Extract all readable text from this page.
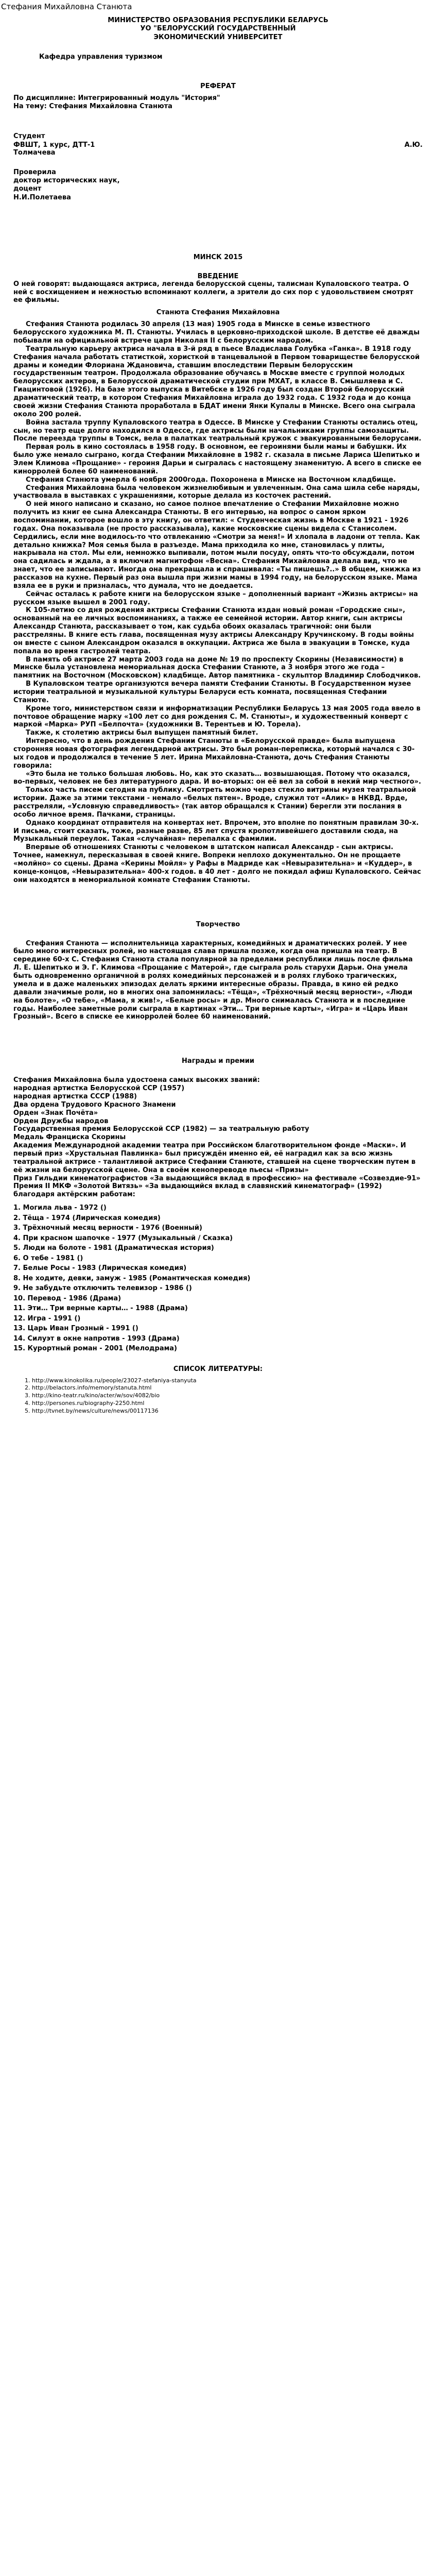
Стефания Михайловна Станюта
МИНИСТЕРСТВО ОБРАЗОВАНИЯ РЕСПУБЛИКИ БЕЛАРУСЬ
УО "БЕЛОРУССКИЙ ГОСУДАРСТВЕННЫЙ
ЭКОНОМИЧЕСКИЙ УНИВЕРСИТЕТ
Кафедра управления туризмом
РЕФЕРАТ
По дисциплине: Интегрированный модуль "История"
На тему: Стефания Михайловна Станюта
Студент
ФВШТ, 1 курс, ДТТ-1	А.Ю.
Толмачева
Проверила
доктор исторических наук,
доцент
Н.И.Полетаева
МИНСК 2015
ВВЕДЕНИЕ
О ней говорят: выдающаяся актриса, легенда белорусской сцены, талисман Купаловского театра. О ней с восхищением и нежностью вспоминают коллеги, а зрители до сих пор с удовольствием смотрят ее фильмы.
Станюта Стефания Михайловна

Стефания Станюта родилась 30 апреля (13 мая) 1905 года в Минске в семье известного белорусского художника М. П. Станюты. Училась в церковно-приходской школе. В детстве её дважды побывали на официальной встрече царя Николая II с белорусским народом.

Театральную карьеру актриса начала в 3-й ряд в пьесе Владислава Голубка «Ганка». В 1918 году Стефания начала работать статисткой, хористкой в танцевальной в Первом товариществе белорусской драмы и комедии Флориана Ждановича, ставшим впоследствии Первым белорусским государственным театром. Продолжала образование обучаясь в Москве вместе с группой молодых белорусских актеров, в Белорусской драматической студии при МХАТ, в классе В. Смышляева и С. Гиацинтовой (1926). На базе этого выпуска в Витебске в 1926 году был создан Второй белорусский драматический театр, в котором Стефания Михайловна играла до 1932 года. С 1932 года и до конца своей жизни Стефания Станюта проработала в БДАТ имени Янки Купалы в Минске. Всего она сыграла около 200 ролей.

Война застала труппу Купаловского театра в Одессе. В Минске у Стефании Станюты остались отец, сын, но театр еще долго находился в Одессе, где актрисы были начальниками группы самозащиты. После переезда труппы в Томск, вела в палатках театральный кружок с эвакуированными белорусами.

Первая роль в кино состоялась в 1958 году. В основном, ее героинями были мамы и бабушки. Их было уже немало сыграно, когда Стефании Михайловне в 1982 г. сказала в письме Лариса Шепитько и Элем Климова «Прощание» - героиня Дарьи и сыгралась с настоящему знаменитую. А всего в списке ее кинорролей более 60 наименований.

Стефания Станюта умерла 6 ноября 2000года. Похоронена в Минске на Восточном кладбище.

Стефания Михайловна была человеком жизнелюбивым и увлеченным. Она сама шила себе наряды, участвовала в выставках с украшениями, которые делала из косточек растений.

О ней много написано и сказано, но самое полное впечатление о Стефании Михайловне можно получить из книг ее сына Александра Станюты. В его интервью, на вопрос о самом ярком воспоминании, которое вошло в эту книгу, он ответил: « Студенческая жизнь в Москве в 1921 - 1926 годах. Она показывала (не просто рассказывала), какие московские сцены видела с Станисолем. Сердились, если мне водилось-то что отвлеканию «Смотри за меня!» И хлопала в ладони от тепла. Как детально книжка? Моя семья была в разъезде. Мама приходила ко мне, становилась у плиты, накрывала на стол. Мы ели, немножко выпивали, потом мыли посуду, опять что-то обсуждали, потом она садилась и ждала, а я включил магнитофон «Весна». Стефания Михайловна делала вид, что не знает, что ее записывают. Иногда она прекращала и спрашивала: «Ты пишешь?..» В общем, книжка из рассказов на кухне. Первый раз она вышла при жизни мамы в 1994 году, на белорусском языке. Мама взяла ее в руки и призналась, что думала, что не доедается.

Сейчас осталась к работе книги на белорусском языке – дополненный вариант «Жизнь актрисы» на русском языке вышел в 2001 году.

К 105-летию со дня рождения актрисы Стефании Станюта издан новый роман «Городские сны», основанный на ее личных воспоминаниях, а также ее семейной истории. Автор книги, сын актрисы Александр Станюта, рассказывает о том, как судьба обоих оказалась трагичной: они были расстреляны. В книге есть глава, посвященная музу актрисы Александру Кручинскому. В годы войны он вместе с сыном Александром оказался в оккупации. Актриса же была в эвакуации в Томске, куда попала во время гастролей театра.

В память об актрисе 27 марта 2003 года на доме № 19 по проспекту Скорины (Независимости) в Минске была установлена мемориальная доска Стефании Станюте, а 3 ноября этого же года – памятник на Восточном (Московском) кладбище. Автор памятника - скульптор Владимир Слободчиков.

В Купаловском театре организуются вечера памяти Стефании Станюты. В Государственном музее истории театральной и музыкальной культуры Беларуси есть комната, посвященная Стефании Станюте.

Кроме того, министерством связи и информатизации Республики Беларусь 13 мая 2005 года ввело в почтовое обращение марку «100 лет со дня рождения С. М. Станюты», и художественный конверт с маркой «Марка» РУП «Белпочта» (художники В. Терентьев и Ю. Торела).

Также, к столетию актрисы был выпущен памятный билет.

Интересно, что в день рождения Стефании Станюты в «Белорусской правде» была выпущена сторонняя новая фотография легендарной актрисы. Это был роман-переписка, который начался с 30-ых годов и продолжался в течение 5 лет. Ирина Михайловна-Станюта, дочь Стефания Станюты говорила:

«Это была не только большая любовь. Но, как это сказать… возвышающая. Потому что оказался, во-первых, человек не без литературного дара. И во-вторых: он её вел за собой в некий мир честного».

Только часть писем сегодня на публику. Смотреть можно через стекло витрины музея театральной истории. Даже за этими текстами - немало «белых пятен». Вроде, служил тот «Алик» в НКВД. Врде, расстреляли, «Условную справедливость» (так автор обращался к Стании) берегли эти послания в особо личное время. Пачками, страницы.

Однако координат отправителя на конвертах нет. Впрочем, это вполне по понятным правилам 30-х. И письма, стоит сказать, тоже, разные разве, 85 лет спустя кропотливейшего доставили сюда, на Музыкальный переулок. Такая «случайная» перепалка с фамилии.

Впервые об отношениях Станюты с человеком в штатском написал Александр - сын актрисы. Точнее, намекнул, пересказывая в своей книге. Вопреки неплохо документально. Он не прощаете «молйно» со сцены. Драма «Керины Мойля» у Рафы в Мадриде как «Невыразительна» и «Куддер», в конце-концов, «Невыразительна» 400-х годов. в 40 лет - долго не покидал афиш Купаловского. Сейчас они находятся в мемориальной комнате Стефании Станюты.

Творчество

Стефания Станюта — исполнительница характерных, комедийных и драматических ролей. У нее было много интересных ролей, но настоящая слава пришла позже, когда она пришла на театр. В середине 60-х С. Стефания Станюта стала популярной за пределами республики лишь после фильма Л. Е. Шепитько и Э. Г. Климова «Прощание с Матерой», где сыграла роль старухи Дарьи. Она умела быть одновременно органичной в ролях комедийных персонажей и в ролях глубоко трагических, умела и в даже маленьких эпизодах делать яркими интересные образы. Правда, в кино ей редко давали значимые роли, но в многих она запомнилась: «Тёща», «Трёхночный месяц верности», «Люди на болоте», «О тебе», «Мама, я жив!», «Белые росы» и др. Много снималась Станюта и в последние годы. Наиболее заметные роли сыграла в картинах «Эти… Три верные карты», «Игра» и «Царь Иван Грозный». Всего в списке ее кинорролей более 60 наименований.

Награды и премии
Стефания Михайловна была удостоена самых высоких званий:
народная артистка Белорусской ССР (1957)
народная артистка СССР (1988)
Два ордена Трудового Красного Знамени
Орден «Знак Почёта»
Орден Дружбы народов
Государственная премия Белорусской ССР (1982) — за театральную работу
Медаль Франциска Скорины
Академия Международной академии театра при Российском благотворительном фонде «Маски». И первый приз «Хрустальная Павлинка» был присуждён именно ей, её наградил как за всю жизнь театральной актрисе - талантливой актрисе Стефании Станюте, ставшей на сцене творческим путем в её жизни на белорусской сцене. Она в своём кенопереводе пьесы «Призы»
Приз Гильдии кинематографистов «За выдающийся вклад в профессию» на фестивале «Созвездие-91»
Премия II МКФ «Золотой Витязь» «За выдающийся вклад в славянский кинематограф» (1992) благодаря актёрским работам:
1. Могила льва - 1972 ()
2. Тёща - 1974 (Лирическая комедия)
3. Трёхночный месяц верности - 1976 (Военный)
4. При красном шапочке - 1977 (Музыкальный / Сказка)
5. Люди на болоте - 1981 (Драматическая история)
6. О тебе - 1981 ()
7. Белые Росы - 1983 (Лирическая комедия)
8. Не ходите, девки, замуж - 1985 (Романтическая комедия)
9. Не забудьте отключить телевизор - 1986 ()
10. Перевод - 1986 (Драма)
11. Эти… Три верные карты… - 1988 (Драма)
12. Игра - 1991 ()
13. Царь Иван Грозный - 1991 ()
14. Силуэт в окне напротив - 1993 (Драма)
15. Курортный роман - 2001 (Мелодрама)
СПИСОК ЛИТЕРАТУРЫ:
1. http://www.kinokolika.ru/people/23027-stefaniya-stanyuta
2. http://belactors.info/memory/stanuta.html
3. http://kino-teatr.ru/kino/acter/w/sov/4082/bio
4. http://persones.ru/biography-2250.html
5. http://tvnet.by/news/culture/news/00117136
